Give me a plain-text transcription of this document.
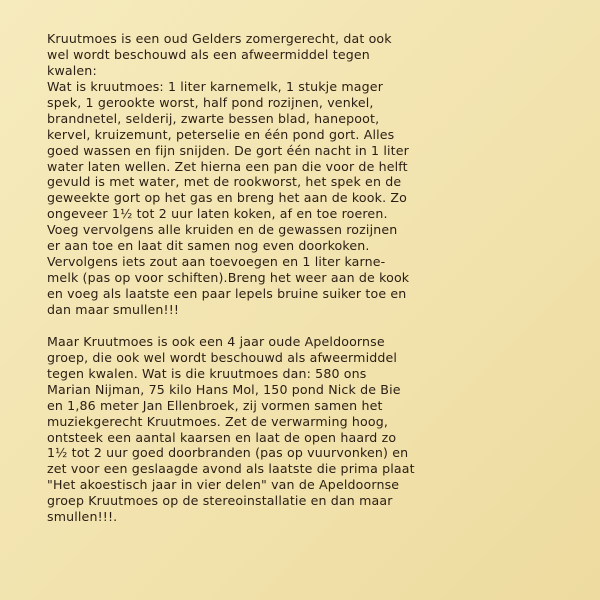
Kruutmoes is een oud Gelders zomergerecht, dat ook
wel wordt beschouwd als een afweermiddel tegen
kwalen:
Wat is kruutmoes: 1 liter karnemelk, 1 stukje mager
spek, 1 gerookte worst, half pond rozijnen, venkel,
brandnetel, selderij, zwarte bessen blad, hanepoot,
kervel, kruizemunt, peterselie en één pond gort. Alles
goed wassen en fijn snijden. De gort één nacht in 1 liter
water laten wellen. Zet hierna een pan die voor de helft
gevuld is met water, met de rookworst, het spek en de
geweekte gort op het gas en breng het aan de kook. Zo
ongeveer 1½ tot 2 uur laten koken, af en toe roeren.
Voeg vervolgens alle kruiden en de gewassen rozijnen
er aan toe en laat dit samen nog even doorkoken.
Vervolgens iets zout aan toevoegen en 1 liter karne-
melk (pas op voor schiften).Breng het weer aan de kook
en voeg als laatste een paar lepels bruine suiker toe en
dan maar smullen!!!
Maar Kruutmoes is ook een 4 jaar oude Apeldoornse
groep, die ook wel wordt beschouwd als afweermiddel
tegen kwalen. Wat is die kruutmoes dan: 580 ons
Marian Nijman, 75 kilo Hans Mol, 150 pond Nick de Bie
en 1,86 meter Jan Ellenbroek, zij vormen samen het
muziekgerecht Kruutmoes. Zet de verwarming hoog,
ontsteek een aantal kaarsen en laat de open haard zo
1½ tot 2 uur goed doorbranden (pas op vuurvonken) en
zet voor een geslaagde avond als laatste die prima plaat
"Het akoestisch jaar in vier delen" van de Apeldoornse
groep Kruutmoes op de stereoinstallatie en dan maar
smullen!!!.
